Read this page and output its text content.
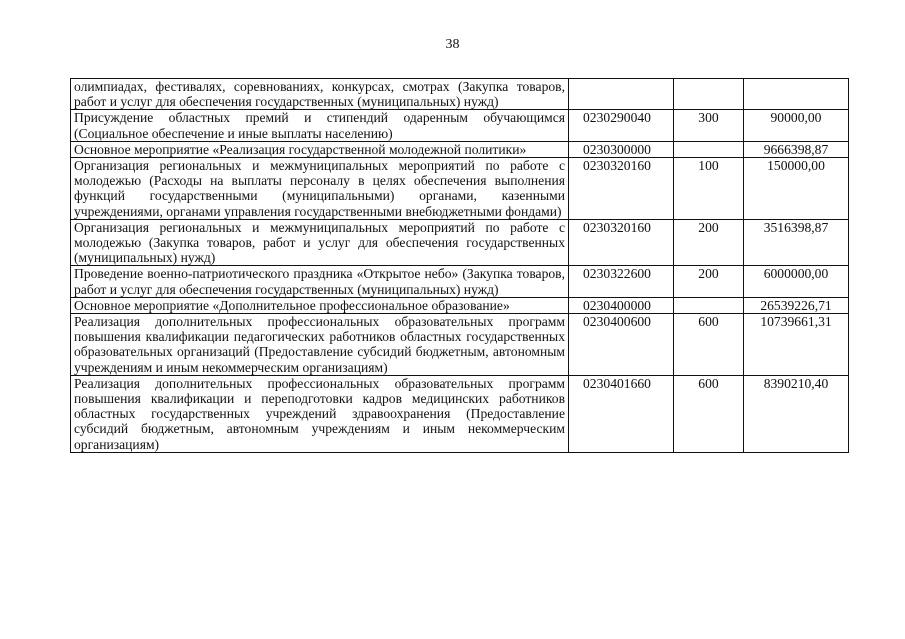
38
олимпиадах, фестивалях, соревнованиях, конкурсах, смотрах (Закупка товаров, работ и услуг для обеспечения государственных (муниципальных) нужд)			
Присуждение областных премий и стипендий одаренным обучающимся (Социальное обеспечение и иные выплаты населению)	0230290040	300	90000,00
Основное мероприятие «Реализация государственной молодежной политики»	0230300000		9666398,87
Организация региональных и межмуниципальных мероприятий по работе с молодежью (Расходы на выплаты персоналу в целях обеспечения выполнения функций государственными (муниципальными) органами, казенными учреждениями, органами управления государственными внебюджетными фондами)	0230320160	100	150000,00
Организация региональных и межмуниципальных мероприятий по работе с молодежью (Закупка товаров, работ и услуг для обеспечения государственных (муниципальных) нужд)	0230320160	200	3516398,87
Проведение военно-патриотического праздника «Открытое небо» (Закупка товаров, работ и услуг для обеспечения государственных (муниципальных) нужд)	0230322600	200	6000000,00
Основное мероприятие «Дополнительное профессиональное образование»	0230400000		26539226,71
Реализация дополнительных профессиональных образовательных программ повышения квалификации педагогических работников областных государственных образовательных организаций (Предоставление субсидий бюджетным, автономным учреждениям и иным некоммерческим организациям)	0230400600	600	10739661,31
Реализация дополнительных профессиональных образовательных программ повышения квалификации и переподготовки кадров медицинских работников областных государственных учреждений здравоохранения (Предоставление субсидий бюджетным, автономным учреждениям и иным некоммерческим организациям)	0230401660	600	8390210,40
